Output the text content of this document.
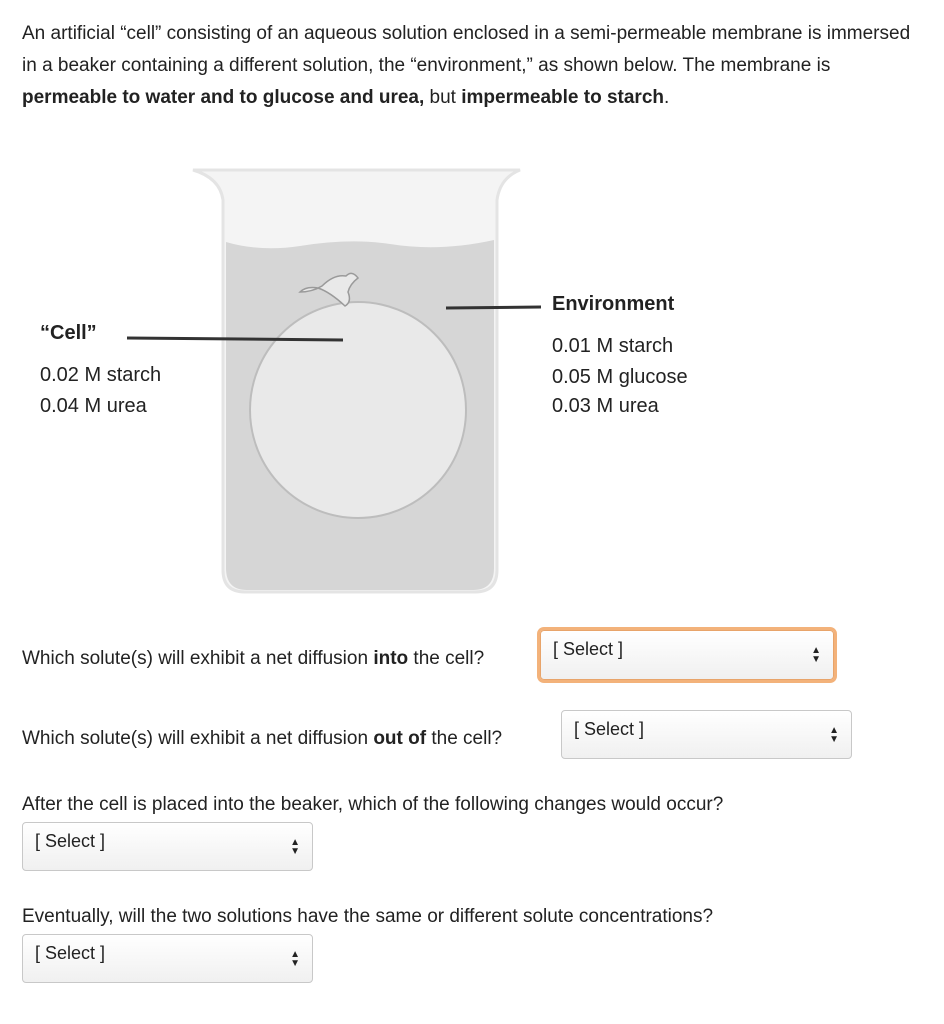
An artificial “cell” consisting of an aqueous solution enclosed in a semi-permeable membrane is immersed in a beaker containing a different solution, the “environment,” as shown below. The membrane is permeable to water and to glucose and urea, but impermeable to starch.

“Cell”
0.02 M starch
0.04 M urea
Environment
0.01 M starch
0.05 M glucose
0.03 M urea
Which solute(s) will exhibit a net diffusion into the cell?	[ Select ]	▲
▼
Which solute(s) will exhibit a net diffusion out of the cell?	[ Select ]	▲
▼
After the cell is placed into the beaker, which of the following changes would occur?
[ Select ]	▲
▼
Eventually, will the two solutions have the same or different solute concentrations?
[ Select ]	▲
▼
